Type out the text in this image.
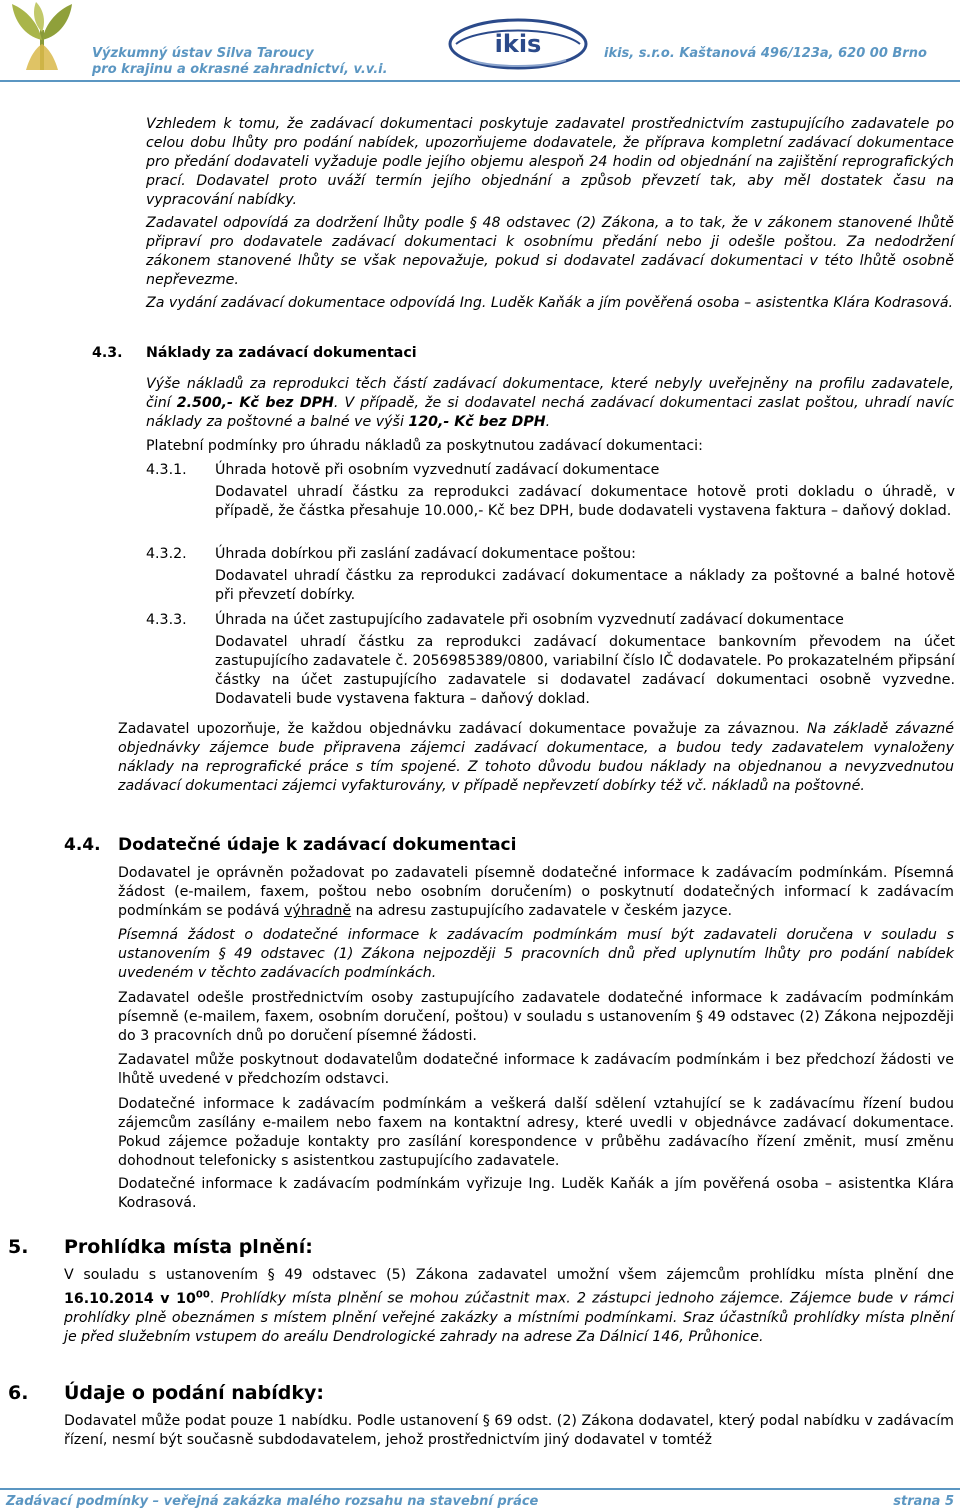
Výzkumný ústav Silva Taroucy
pro krajinu a okrasné zahradnictví, v.v.i.
ikis	ikis, s.r.o. Kaštanová 496/123a, 620 00 Brno

Vzhledem k tomu, že zadávací dokumentaci poskytuje zadavatel prostřednictvím zastupujícího zadavatele po celou dobu lhůty pro podání nabídek, upozorňujeme dodavatele, že příprava kompletní zadávací dokumentace pro předání dodavateli vyžaduje podle jejího objemu alespoň 24 hodin od objednání na zajištění reprografických prací. Dodavatel proto uváží termín jejího objednání a způsob převzetí tak, aby měl dostatek času na vypracování nabídky.

Zadavatel odpovídá za dodržení lhůty podle § 48 odstavec (2) Zákona, a to tak, že v zákonem stanovené lhůtě připraví pro dodavatele zadávací dokumentaci k osobnímu předání nebo ji odešle poštou. Za nedodržení zákonem stanovené lhůty se však nepovažuje, pokud si dodavatel zadávací dokumentaci v této lhůtě osobně nepřevezme.

Za vydání zadávací dokumentace odpovídá Ing. Luděk Kaňák a jím pověřená osoba – asistentka Klára Kodrasová.

4.3. Náklady za zadávací dokumentaci

Výše nákladů za reprodukci těch částí zadávací dokumentace, které nebyly uveřejněny na profilu zadavatele, činí 2.500,- Kč bez DPH. V případě, že si dodavatel nechá zadávací dokumentaci zaslat poštou, uhradí navíc náklady za poštovné a balné ve výši 120,- Kč bez DPH.

Platební podmínky pro úhradu nákladů za poskytnutou zadávací dokumentaci:

4.3.1. Úhrada hotově při osobním vyzvednutí zadávací dokumentace

Dodavatel uhradí částku za reprodukci zadávací dokumentace hotově proti dokladu o úhradě, v případě, že částka přesahuje 10.000,- Kč bez DPH, bude dodavateli vystavena faktura – daňový doklad.

4.3.2. Úhrada dobírkou při zaslání zadávací dokumentace poštou:

Dodavatel uhradí částku za reprodukci zadávací dokumentace a náklady za poštovné a balné hotově při převzetí dobírky.

4.3.3. Úhrada na účet zastupujícího zadavatele při osobním vyzvednutí zadávací dokumentace

Dodavatel uhradí částku za reprodukci zadávací dokumentace bankovním převodem na účet zastupujícího zadavatele č. 2056985389/0800, variabilní číslo IČ dodavatele. Po prokazatelném připsání částky na účet zastupujícího zadavatele si dodavatel zadávací dokumentaci osobně vyzvedne. Dodavateli bude vystavena faktura – daňový doklad.

Zadavatel upozorňuje, že každou objednávku zadávací dokumentace považuje za závaznou. Na základě závazné objednávky zájemce bude připravena zájemci zadávací dokumentace, a budou tedy zadavatelem vynaloženy náklady na reprografické práce s tím spojené. Z tohoto důvodu budou náklady na objednanou a nevyzvednutou zadávací dokumentaci zájemci vyfakturovány, v případě nepřevzetí dobírky též vč. nákladů na poštovné.

4.4. Dodatečné údaje k zadávací dokumentaci

Dodavatel je oprávněn požadovat po zadavateli písemně dodatečné informace k zadávacím podmínkám. Písemná žádost (e-mailem, faxem, poštou nebo osobním doručením) o poskytnutí dodatečných informací k zadávacím podmínkám se podává výhradně na adresu zastupujícího zadavatele v českém jazyce.

Písemná žádost o dodatečné informace k zadávacím podmínkám musí být zadavateli doručena v souladu s ustanovením § 49 odstavec (1) Zákona nejpozději 5 pracovních dnů před uplynutím lhůty pro podání nabídek uvedeném v těchto zadávacích podmínkách.

Zadavatel odešle prostřednictvím osoby zastupujícího zadavatele dodatečné informace k zadávacím podmínkám písemně (e-mailem, faxem, osobním doručení, poštou) v souladu s ustanovením § 49 odstavec (2) Zákona nejpozději do 3 pracovních dnů po doručení písemné žádosti.

Zadavatel může poskytnout dodavatelům dodatečné informace k zadávacím podmínkám i bez předchozí žádosti ve lhůtě uvedené v předchozím odstavci.

Dodatečné informace k zadávacím podmínkám a veškerá další sdělení vztahující se k zadávacímu řízení budou zájemcům zasílány e-mailem nebo faxem na kontaktní adresy, které uvedli v objednávce zadávací dokumentace. Pokud zájemce požaduje kontakty pro zasílání korespondence v průběhu zadávacího řízení změnit, musí změnu dohodnout telefonicky s asistentkou zastupujícího zadavatele.

Dodatečné informace k zadávacím podmínkám vyřizuje Ing. Luděk Kaňák a jím pověřená osoba – asistentka Klára Kodrasová.

5. Prohlídka místa plnění:

V souladu s ustanovením § 49 odstavec (5) Zákona zadavatel umožní všem zájemcům prohlídku místa plnění dne 16.10.2014 v $10^{00}$. Prohlídky místa plnění se mohou zúčastnit max. 2 zástupci jednoho zájemce. Zájemce bude v rámci prohlídky plně obeznámen s místem plnění veřejné zakázky a místními podmínkami. Sraz účastníků prohlídky místa plnění je před služebním vstupem do areálu Dendrologické zahrady na adrese Za Dálnicí 146, Průhonice.

6. Údaje o podání nabídky:

Dodavatel může podat pouze 1 nabídku. Podle ustanovení § 69 odst. (2) Zákona dodavatel, který podal nabídku v zadávacím řízení, nesmí být současně subdodavatelem, jehož prostřednictvím jiný dodavatel v tomtéž

Zadávací podmínky – veřejná zakázka malého rozsahu na stavební práce	strana 5
